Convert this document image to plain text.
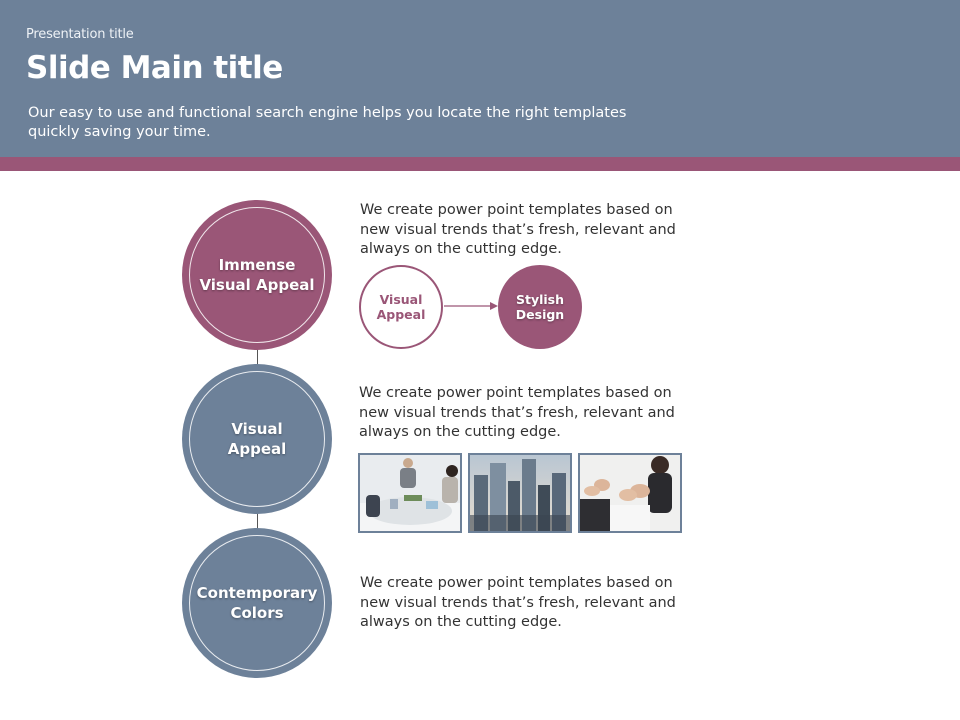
Presentation title
Slide Main title
Our easy to use and functional search engine helps you locate the right templates quickly saving your time.
Immense
Visual Appeal
Visual
Appeal
Contemporary
Colors
We create power point templates based on new visual trends that’s fresh, relevant and always on the cutting edge.
We create power point templates based on new visual trends that’s fresh, relevant and always on the cutting edge.
We create power point templates based on new visual trends that’s fresh, relevant and always on the cutting edge.
Visual
Appeal
Stylish
Design
